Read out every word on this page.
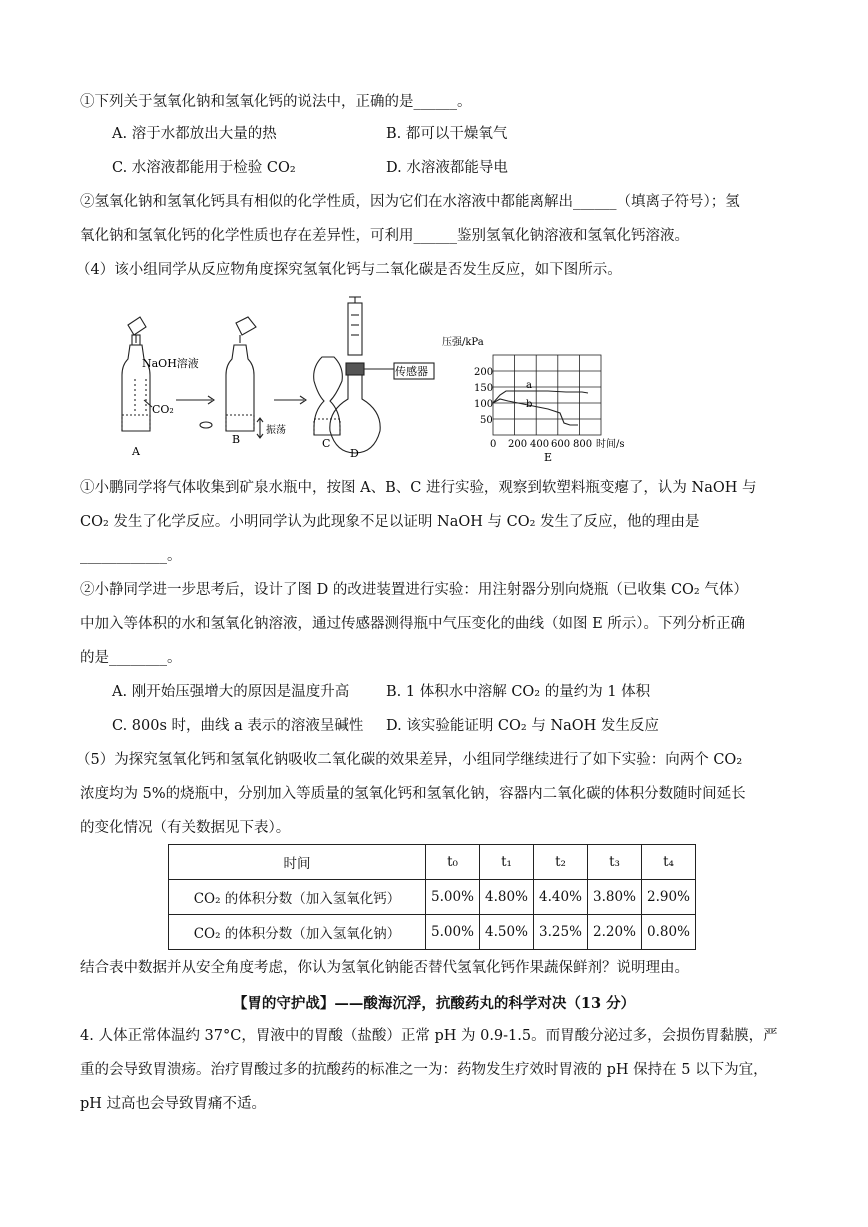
①下列关于氢氧化钠和氢氧化钙的说法中，正确的是______。
A. 溶于水都放出大量的热	B. 都可以干燥氧气
C. 水溶液都能用于检验 CO₂	D. 水溶液都能导电
②氢氧化钠和氢氧化钙具有相似的化学性质，因为它们在水溶液中都能离解出______（填离子符号）；氢
氧化钠和氢氧化钙的化学性质也存在差异性，可利用______鉴别氢氧化钠溶液和氢氧化钙溶液。
（4）该小组同学从反应物角度探究氢氧化钙与二氧化碳是否发生反应，如下图所示。
NaOH溶液
CO₂
振荡
传感器
A
B	C
D
压强/kPa
200
150
100
50
0 200 400 600 800 时间/s
a
b
E
①小鹏同学将气体收集到矿泉水瓶中，按图 A、B、C 进行实验，观察到软塑料瓶变瘪了，认为 NaOH 与
CO₂ 发生了化学反应。小明同学认为此现象不足以证明 NaOH 与 CO₂ 发生了反应，他的理由是
____________。
②小静同学进一步思考后，设计了图 D 的改进装置进行实验：用注射器分别向烧瓶（已收集 CO₂ 气体）
中加入等体积的水和氢氧化钠溶液，通过传感器测得瓶中气压变化的曲线（如图 E 所示）。下列分析正确
的是________。
A. 刚开始压强增大的原因是温度升高	B. 1 体积水中溶解 CO₂ 的量约为 1 体积
C. 800s 时，曲线 a 表示的溶液呈碱性 D. 该实验能证明 CO₂ 与 NaOH 发生反应
（5）为探究氢氧化钙和氢氧化钠吸收二氧化碳的效果差异，小组同学继续进行了如下实验：向两个 CO₂
浓度均为 5%的烧瓶中，分别加入等质量的氢氧化钙和氢氧化钠，容器内二氧化碳的体积分数随时间延长
的变化情况（有关数据见下表）。
时间	t₀	t₁	t₂	t₃	t₄
CO₂ 的体积分数（加入氢氧化钙）	5.00%	4.80%	4.40%	3.80%	2.90%
CO₂ 的体积分数（加入氢氧化钠）	5.00%	4.50%	3.25%	2.20%	0.80%
结合表中数据并从安全角度考虑，你认为氢氧化钠能否替代氢氧化钙作果蔬保鲜剂？说明理由。
【胃的守护战】——酸海沉浮，抗酸药丸的科学对决（13 分）
4. 人体正常体温约 37°C，胃液中的胃酸（盐酸）正常 pH 为 0.9-1.5。而胃酸分泌过多，会损伤胃黏膜，严
重的会导致胃溃疡。治疗胃酸过多的抗酸药的标准之一为：药物发生疗效时胃液的 pH 保持在 5 以下为宜，
pH 过高也会导致胃痛不适。
